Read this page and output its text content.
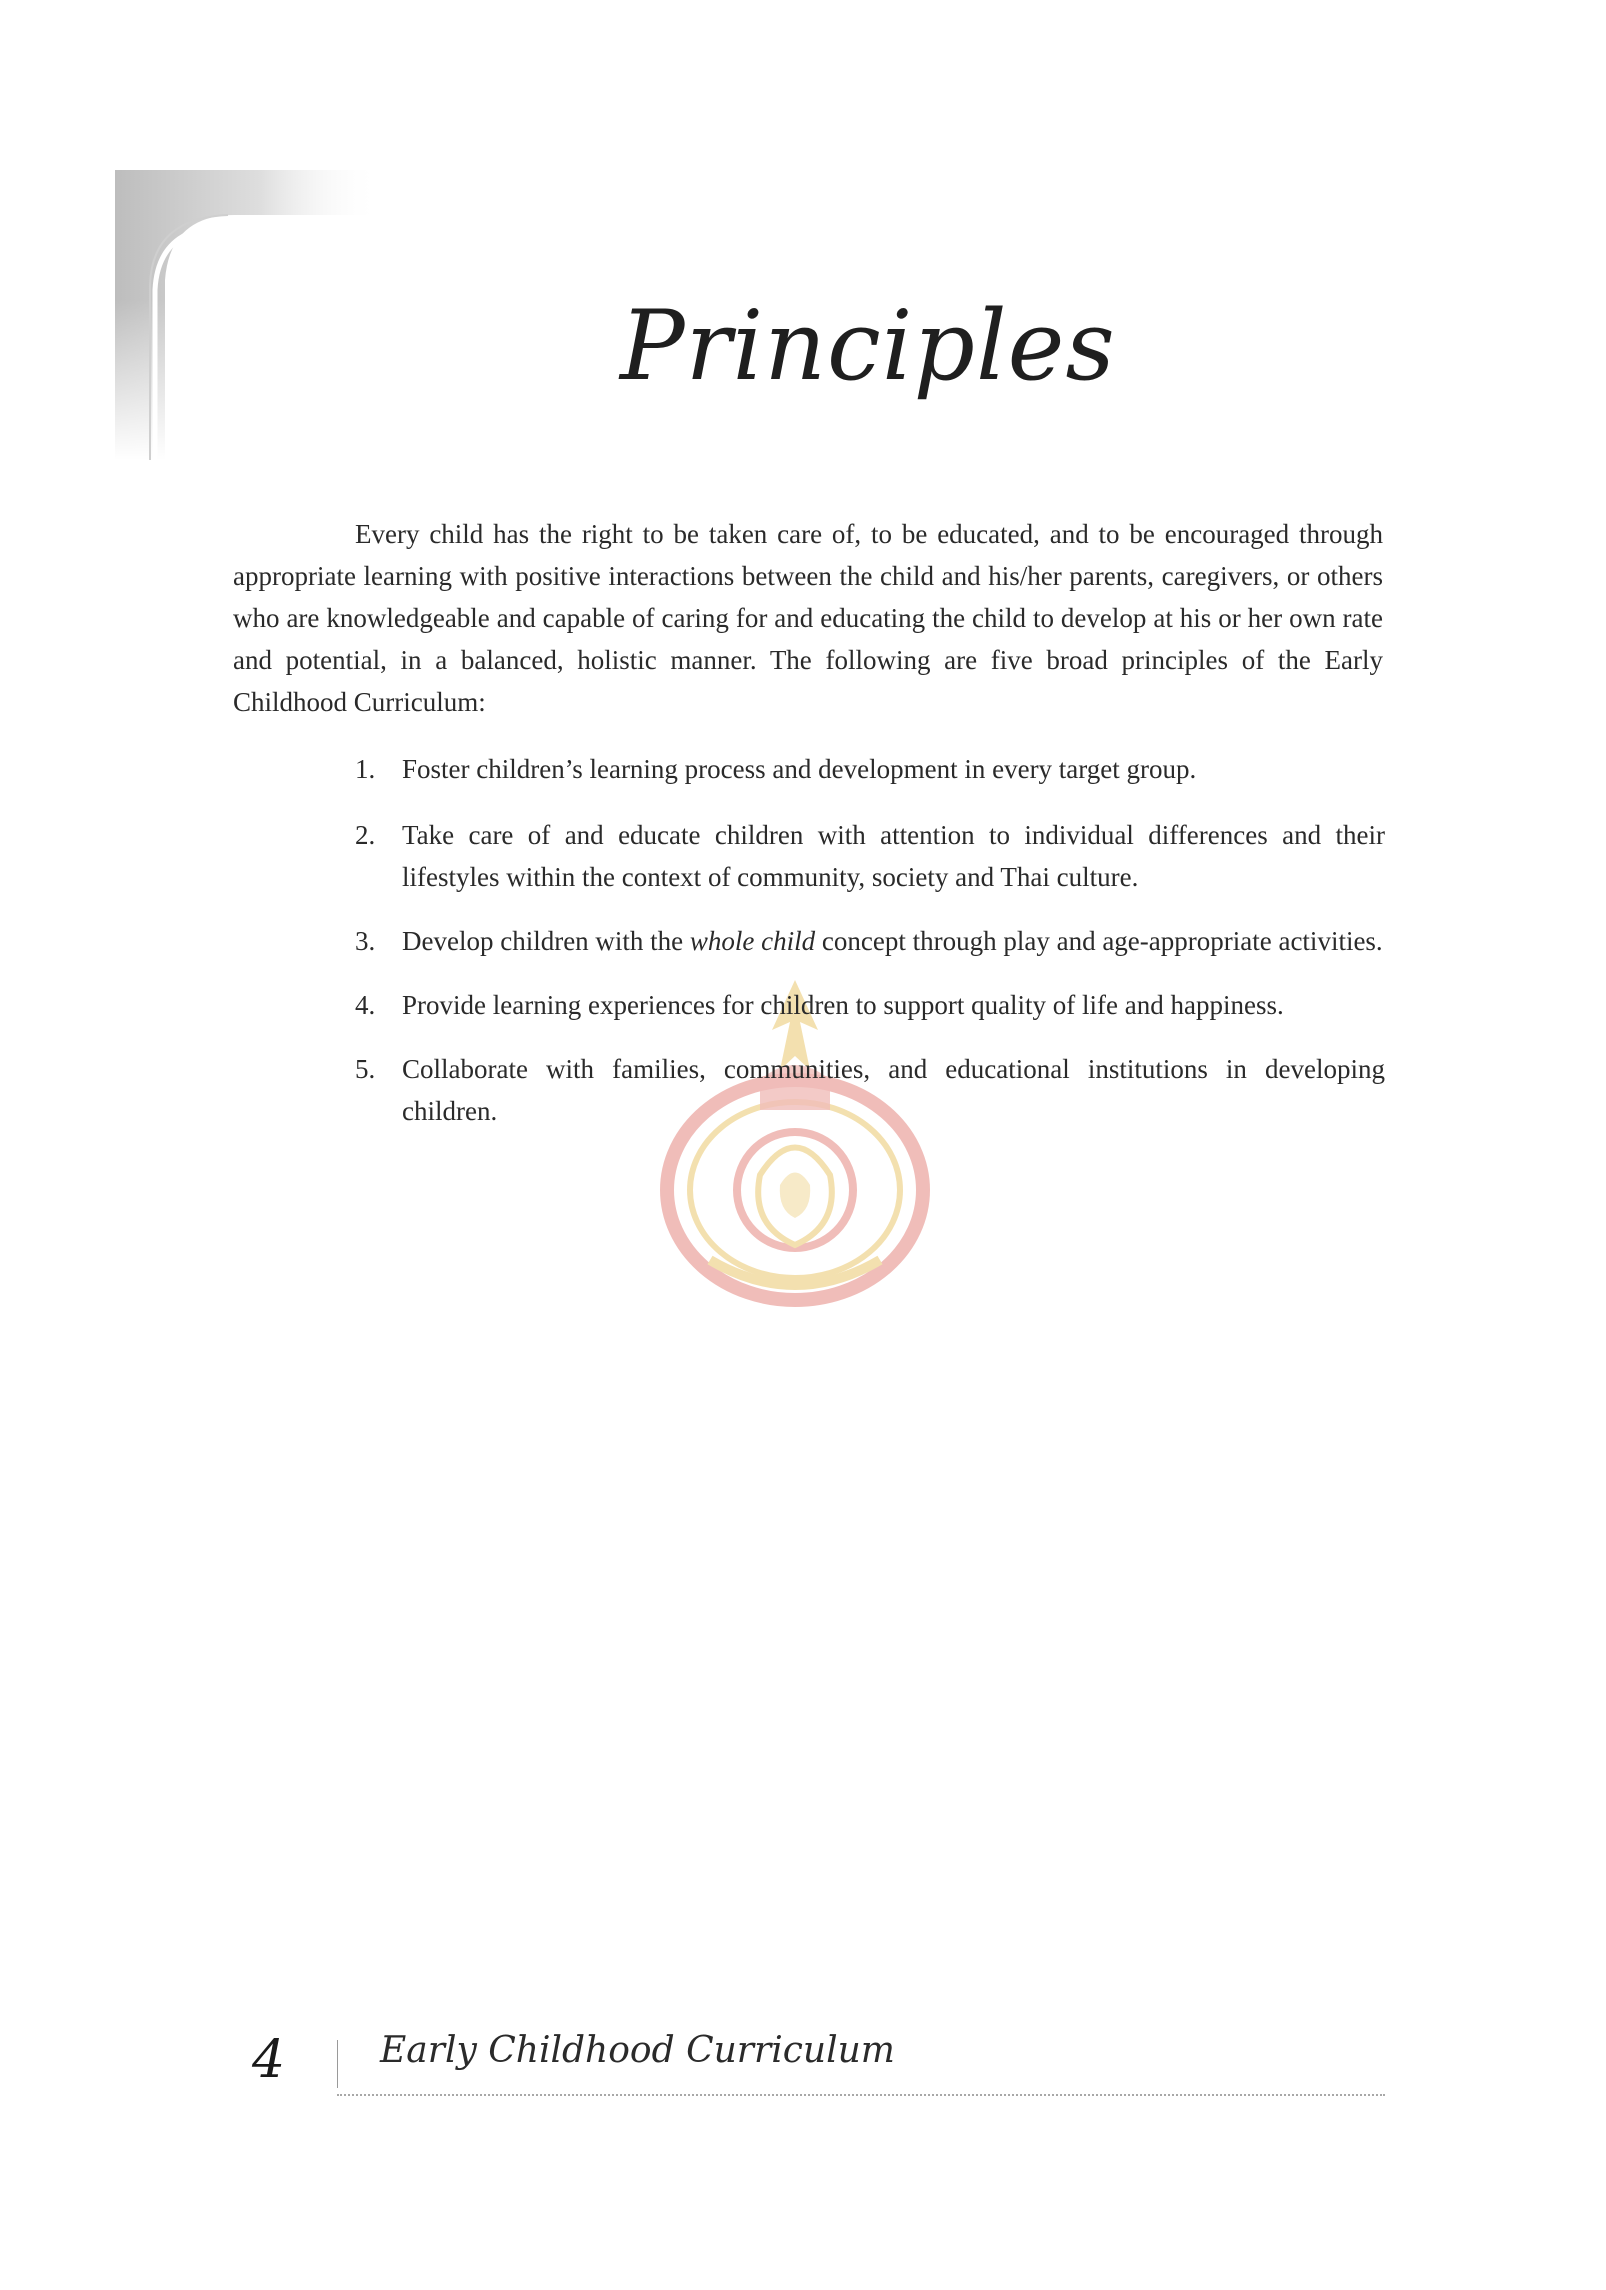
Principles

Every child has the right to be taken care of, to be educated, and to be encouraged through appropriate learning with positive interactions between the child and his/her parents, caregivers, or others who are knowledgeable and capable of caring for and educating the child to develop at his or her own rate and potential, in a balanced, holistic manner. The following are five broad principles of the Early Childhood Curriculum:

1. Foster children’s learning process and development in every target group.
2. Take care of and educate children with attention to individual differences and their lifestyles within the context of community, society and Thai culture.
3. Develop children with the whole child concept through play and age-appropriate activities.
4. Provide learning experiences for children to support quality of life and happiness.
5. Collaborate with families, communities, and educational institutions in developing children.
4	Early Childhood Curriculum
